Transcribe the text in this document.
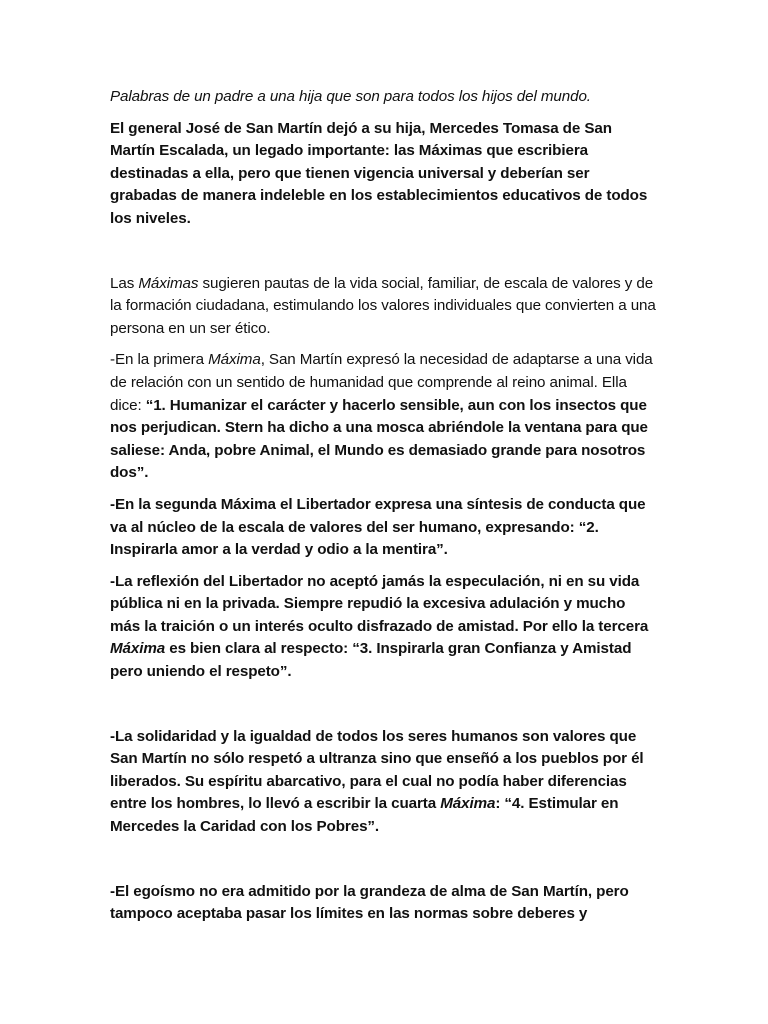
Palabras de un padre a una hija que son para todos los hijos del mundo.

El general José de San Martín dejó a su hija, Mercedes Tomasa de San Martín Escalada, un legado importante: las Máximas que escribiera destinadas a ella, pero que tienen vigencia universal y deberían ser grabadas de manera indeleble en los establecimientos educativos de todos los niveles.

Las Máximas sugieren pautas de la vida social, familiar, de escala de valores y de la formación ciudadana, estimulando los valores individuales que convierten a una persona en un ser ético.

-En la primera Máxima, San Martín expresó la necesidad de adaptarse a una vida de relación con un sentido de humanidad que comprende al reino animal. Ella dice: “1. Humanizar el carácter y hacerlo sensible, aun con los insectos que nos perjudican. Stern ha dicho a una mosca abriéndole la ventana para que saliese: Anda, pobre Animal, el Mundo es demasiado grande para nosotros dos”.

-En la segunda Máxima el Libertador expresa una síntesis de conducta que va al núcleo de la escala de valores del ser humano, expresando: “2. Inspirarla amor a la verdad y odio a la mentira”.

-La reflexión del Libertador no aceptó jamás la especulación, ni en su vida pública ni en la privada. Siempre repudió la excesiva adulación y mucho más la traición o un interés oculto disfrazado de amistad. Por ello la tercera Máxima es bien clara al respecto: “3. Inspirarla gran Confianza y Amistad pero uniendo el respeto”.

-La solidaridad y la igualdad de todos los seres humanos son valores que San Martín no sólo respetó a ultranza sino que enseñó a los pueblos por él liberados. Su espíritu abarcativo, para el cual no podía haber diferencias entre los hombres, lo llevó a escribir la cuarta Máxima: “4. Estimular en Mercedes la Caridad con los Pobres”.

-El egoísmo no era admitido por la grandeza de alma de San Martín, pero tampoco aceptaba pasar los límites en las normas sobre deberes y
